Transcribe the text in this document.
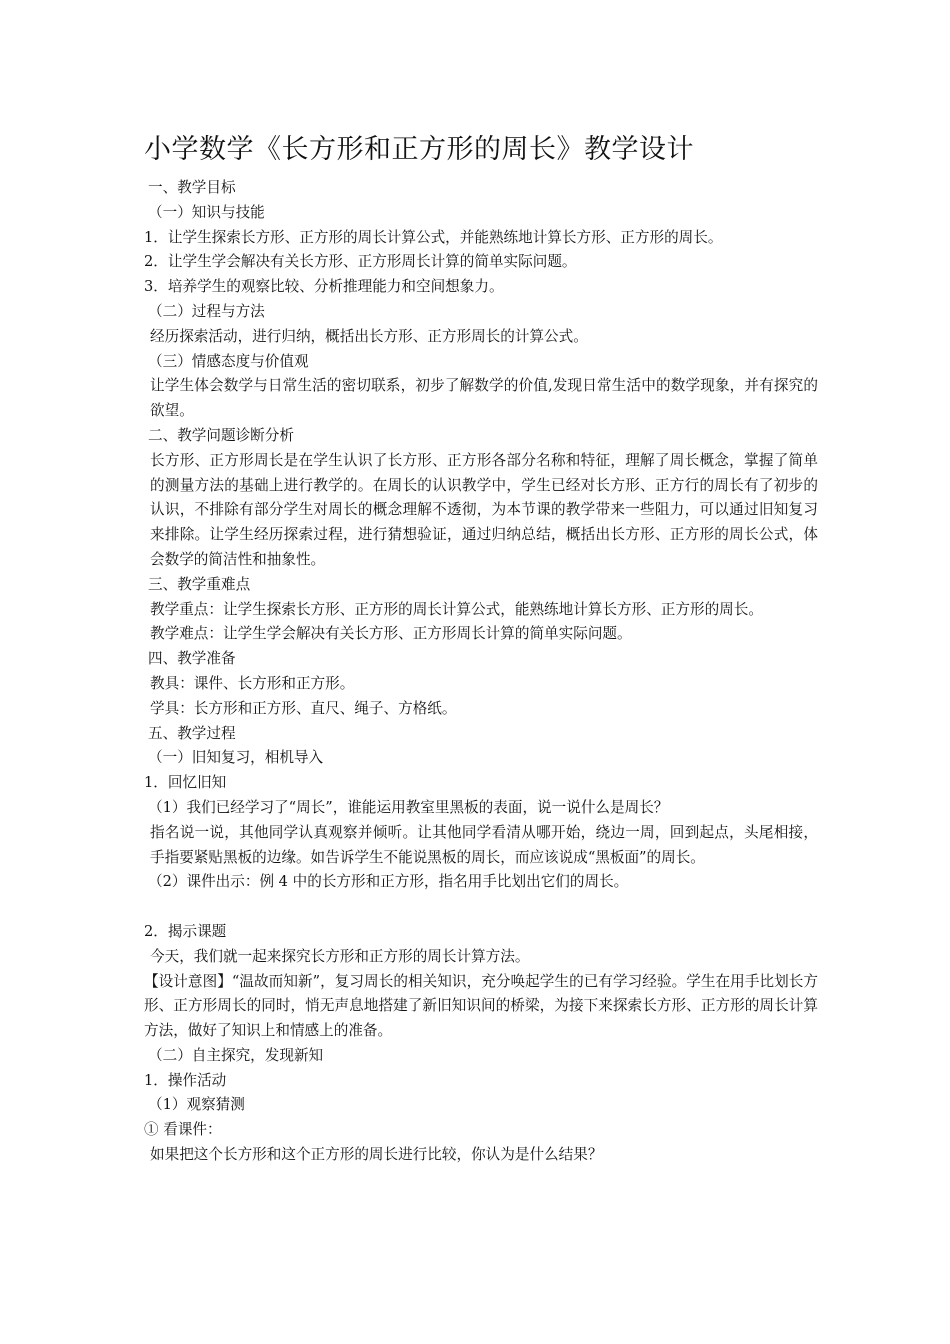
小学数学《长方形和正方形的周长》教学设计

一、教学目标

（一）知识与技能

1．让学生探索长方形、正方形的周长计算公式，并能熟练地计算长方形、正方形的周长。

2．让学生学会解决有关长方形、正方形周长计算的简单实际问题。

3．培养学生的观察比较、分析推理能力和空间想象力。

（二）过程与方法

经历探索活动，进行归纳，概括出长方形、正方形周长的计算公式。

（三）情感态度与价值观

让学生体会数学与日常生活的密切联系，初步了解数学的价值,发现日常生活中的数学现象，并有探究的欲望。

二、教学问题诊断分析

长方形、正方形周长是在学生认识了长方形、正方形各部分名称和特征，理解了周长概念，掌握了简单的测量方法的基础上进行教学的。在周长的认识教学中，学生已经对长方形、正方行的周长有了初步的认识，不排除有部分学生对周长的概念理解不透彻，为本节课的教学带来一些阻力，可以通过旧知复习来排除。让学生经历探索过程，进行猜想验证，通过归纳总结，概括出长方形、正方形的周长公式，体会数学的简洁性和抽象性。

三、教学重难点

教学重点：让学生探索长方形、正方形的周长计算公式，能熟练地计算长方形、正方形的周长。

教学难点：让学生学会解决有关长方形、正方形周长计算的简单实际问题。

四、教学准备

教具：课件、长方形和正方形。

学具：长方形和正方形、直尺、绳子、方格纸。

五、教学过程

（一）旧知复习，相机导入

1．回忆旧知

（1）我们已经学习了“周长”，谁能运用教室里黑板的表面，说一说什么是周长？

指名说一说，其他同学认真观察并倾听。让其他同学看清从哪开始，绕边一周，回到起点，头尾相接，手指要紧贴黑板的边缘。如告诉学生不能说黑板的周长，而应该说成“黑板面”的周长。

（2）课件出示：例 4 中的长方形和正方形，指名用手比划出它们的周长。

2．揭示课题

今天，我们就一起来探究长方形和正方形的周长计算方法。

【设计意图】“温故而知新”，复习周长的相关知识，充分唤起学生的已有学习经验。学生在用手比划长方形、正方形周长的同时，悄无声息地搭建了新旧知识间的桥梁，为接下来探索长方形、正方形的周长计算方法，做好了知识上和情感上的准备。

（二）自主探究，发现新知

1．操作活动

（1）观察猜测

① 看课件：

如果把这个长方形和这个正方形的周长进行比较，你认为是什么结果？
